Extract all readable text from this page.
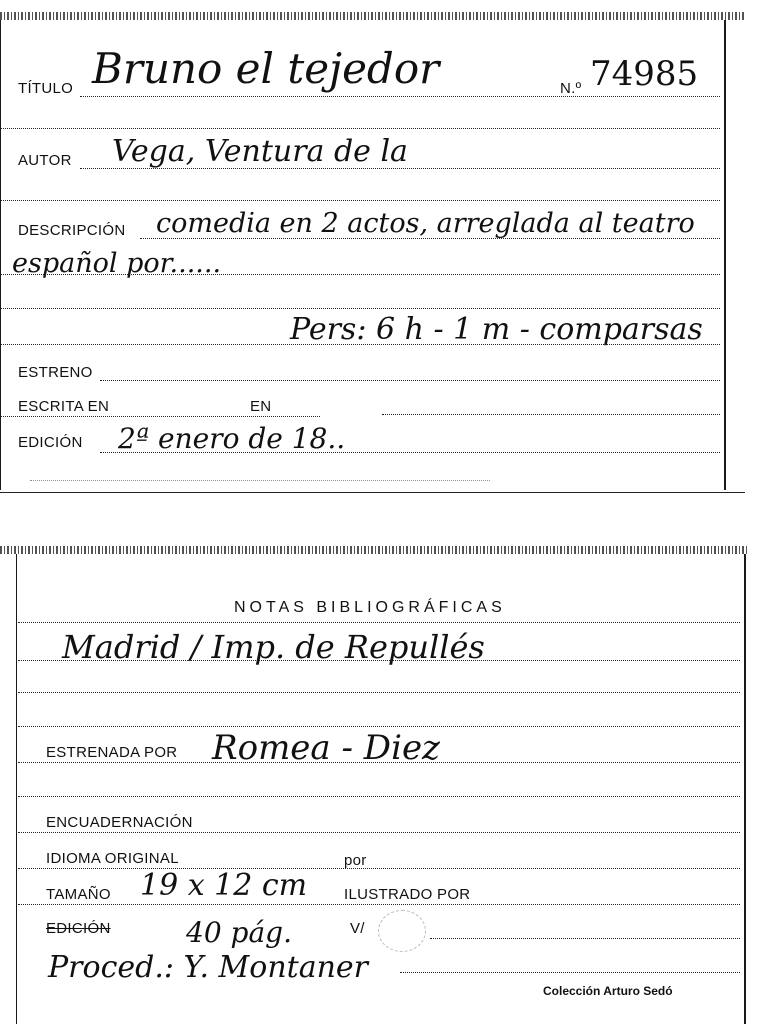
TÍTULO Bruno el tejedor	N.º 74985
AUTOR Vega, Ventura de la
DESCRIPCIÓN comedia en 2 actos, arreglada al teatro
español por......
Pers: 6 h - 1 m - comparsas
ESTRENO
ESCRITA EN	EN
EDICIÓN 2ª enero de 18..
NOTAS BIBLIOGRÁFICAS
Madrid / Imp. de Repullés
ESTRENADA POR Romea - Diez
ENCUADERNACIÓN
IDIOMA ORIGINAL	por
TAMAÑO 19 x 12 cm ILUSTRADO POR
EDICIÓN	40 pág.	V/
Proced.: Y. Montaner
Colección Arturo Sedó
